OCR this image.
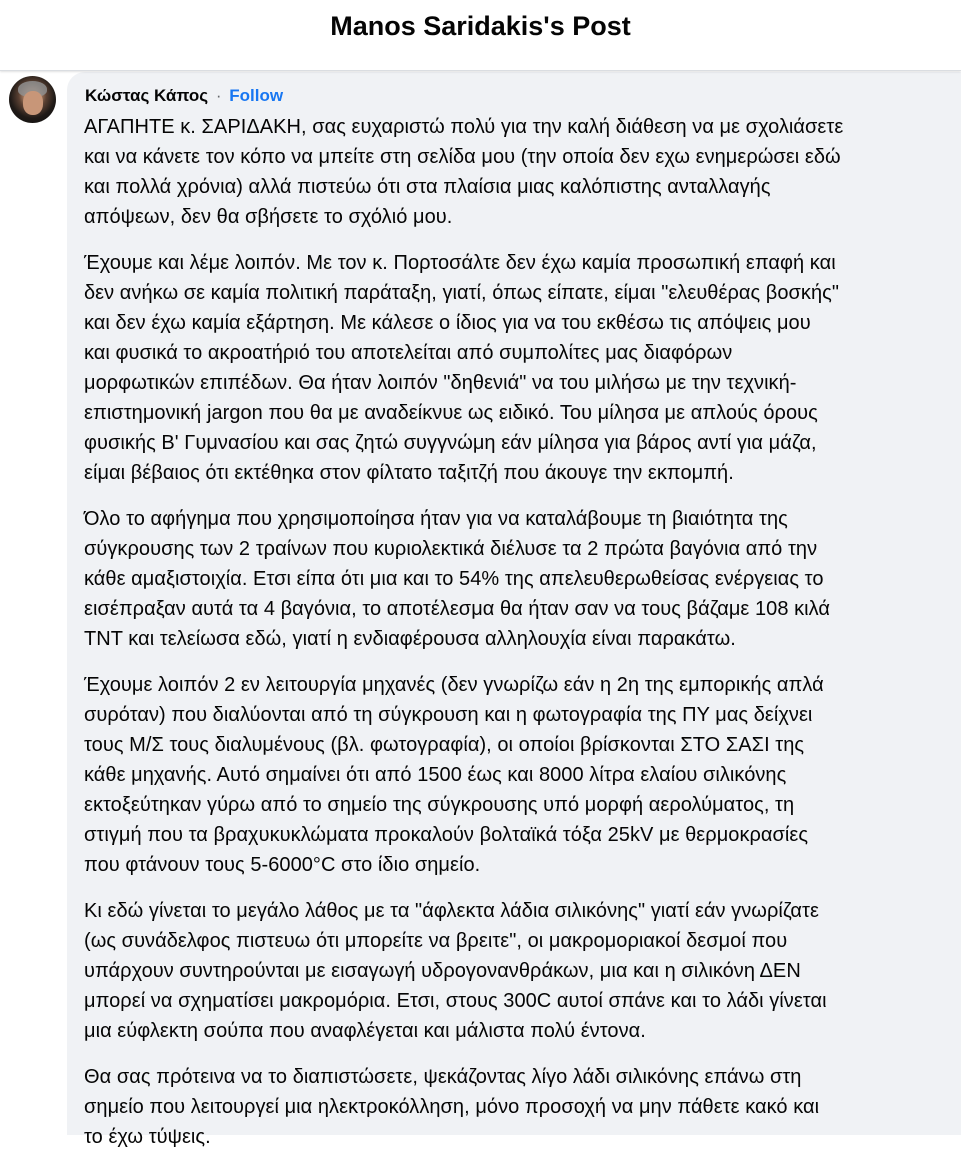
Manos Saridakis's Post
Κώστας Κάπος · Follow
ΑΓΑΠΗΤΕ κ. ΣΑΡΙΔΑΚΗ, σας ευχαριστώ πολύ για την καλή διάθεση να με σχολιάσετε
και να κάνετε τον κόπο να μπείτε στη σελίδα μου (την οποία δεν εχω ενημερώσει εδώ
και πολλά χρόνια) αλλά πιστεύω ότι στα πλαίσια μιας καλόπιστης ανταλλαγής
απόψεων, δεν θα σβήσετε το σχόλιό μου.
Έχουμε και λέμε λοιπόν. Με τον κ. Πορτοσάλτε δεν έχω καμία προσωπική επαφή και
δεν ανήκω σε καμία πολιτική παράταξη, γιατί, όπως είπατε, είμαι "ελευθέρας βοσκής"
και δεν έχω καμία εξάρτηση. Με κάλεσε ο ίδιος για να του εκθέσω τις απόψεις μου
και φυσικά το ακροατήριό του αποτελείται από συμπολίτες μας διαφόρων
μορφωτικών επιπέδων. Θα ήταν λοιπόν "δηθενιά" να του μιλήσω με την τεχνική-
επιστημονική jargon που θα με αναδείκνυε ως ειδικό. Του μίλησα με απλούς όρους
φυσικής Β' Γυμνασίου και σας ζητώ συγγνώμη εάν μίλησα για βάρος αντί για μάζα,
είμαι βέβαιος ότι εκτέθηκα στον φίλτατο ταξιτζή που άκουγε την εκπομπή.
Όλο το αφήγημα που χρησιμοποίησα ήταν για να καταλάβουμε τη βιαιότητα της
σύγκρουσης των 2 τραίνων που κυριολεκτικά διέλυσε τα 2 πρώτα βαγόνια από την
κάθε αμαξιστοιχία. Ετσι είπα ότι μια και το 54% της απελευθερωθείσας ενέργειας το
εισέπραξαν αυτά τα 4 βαγόνια, το αποτέλεσμα θα ήταν σαν να τους βάζαμε 108 κιλά
TNT και τελείωσα εδώ, γιατί η ενδιαφέρουσα αλληλουχία είναι παρακάτω.
Έχουμε λοιπόν 2 εν λειτουργία μηχανές (δεν γνωρίζω εάν η 2η της εμπορικής απλά
συρόταν) που διαλύονται από τη σύγκρουση και η φωτογραφία της ΠΥ μας δείχνει
τους Μ/Σ τους διαλυμένους (βλ. φωτογραφία), οι οποίοι βρίσκονται ΣΤΟ ΣΑΣΙ της
κάθε μηχανής. Αυτό σημαίνει ότι από 1500 έως και 8000 λίτρα ελαίου σιλικόνης
εκτοξεύτηκαν γύρω από το σημείο της σύγκρουσης υπό μορφή αερολύματος, τη
στιγμή που τα βραχυκυκλώματα προκαλούν βολταϊκά τόξα 25kV με θερμοκρασίες
που φτάνουν τους 5-6000°C στο ίδιο σημείο.
Κι εδώ γίνεται το μεγάλο λάθος με τα "άφλεκτα λάδια σιλικόνης" γιατί εάν γνωρίζατε
(ως συνάδελφος πιστευω ότι μπορείτε να βρειτε", οι μακρομοριακοί δεσμοί που
υπάρχουν συντηρούνται με εισαγωγή υδρογονανθράκων, μια και η σιλικόνη ΔΕΝ
μπορεί να σχηματίσει μακρομόρια. Ετσι, στους 300C αυτοί σπάνε και το λάδι γίνεται
μια εύφλεκτη σούπα που αναφλέγεται και μάλιστα πολύ έντονα.
Θα σας πρότεινα να το διαπιστώσετε, ψεκάζοντας λίγο λάδι σιλικόνης επάνω στη
σημείο που λειτουργεί μια ηλεκτροκόλληση, μόνο προσοχή να μην πάθετε κακό και
το έχω τύψεις.
